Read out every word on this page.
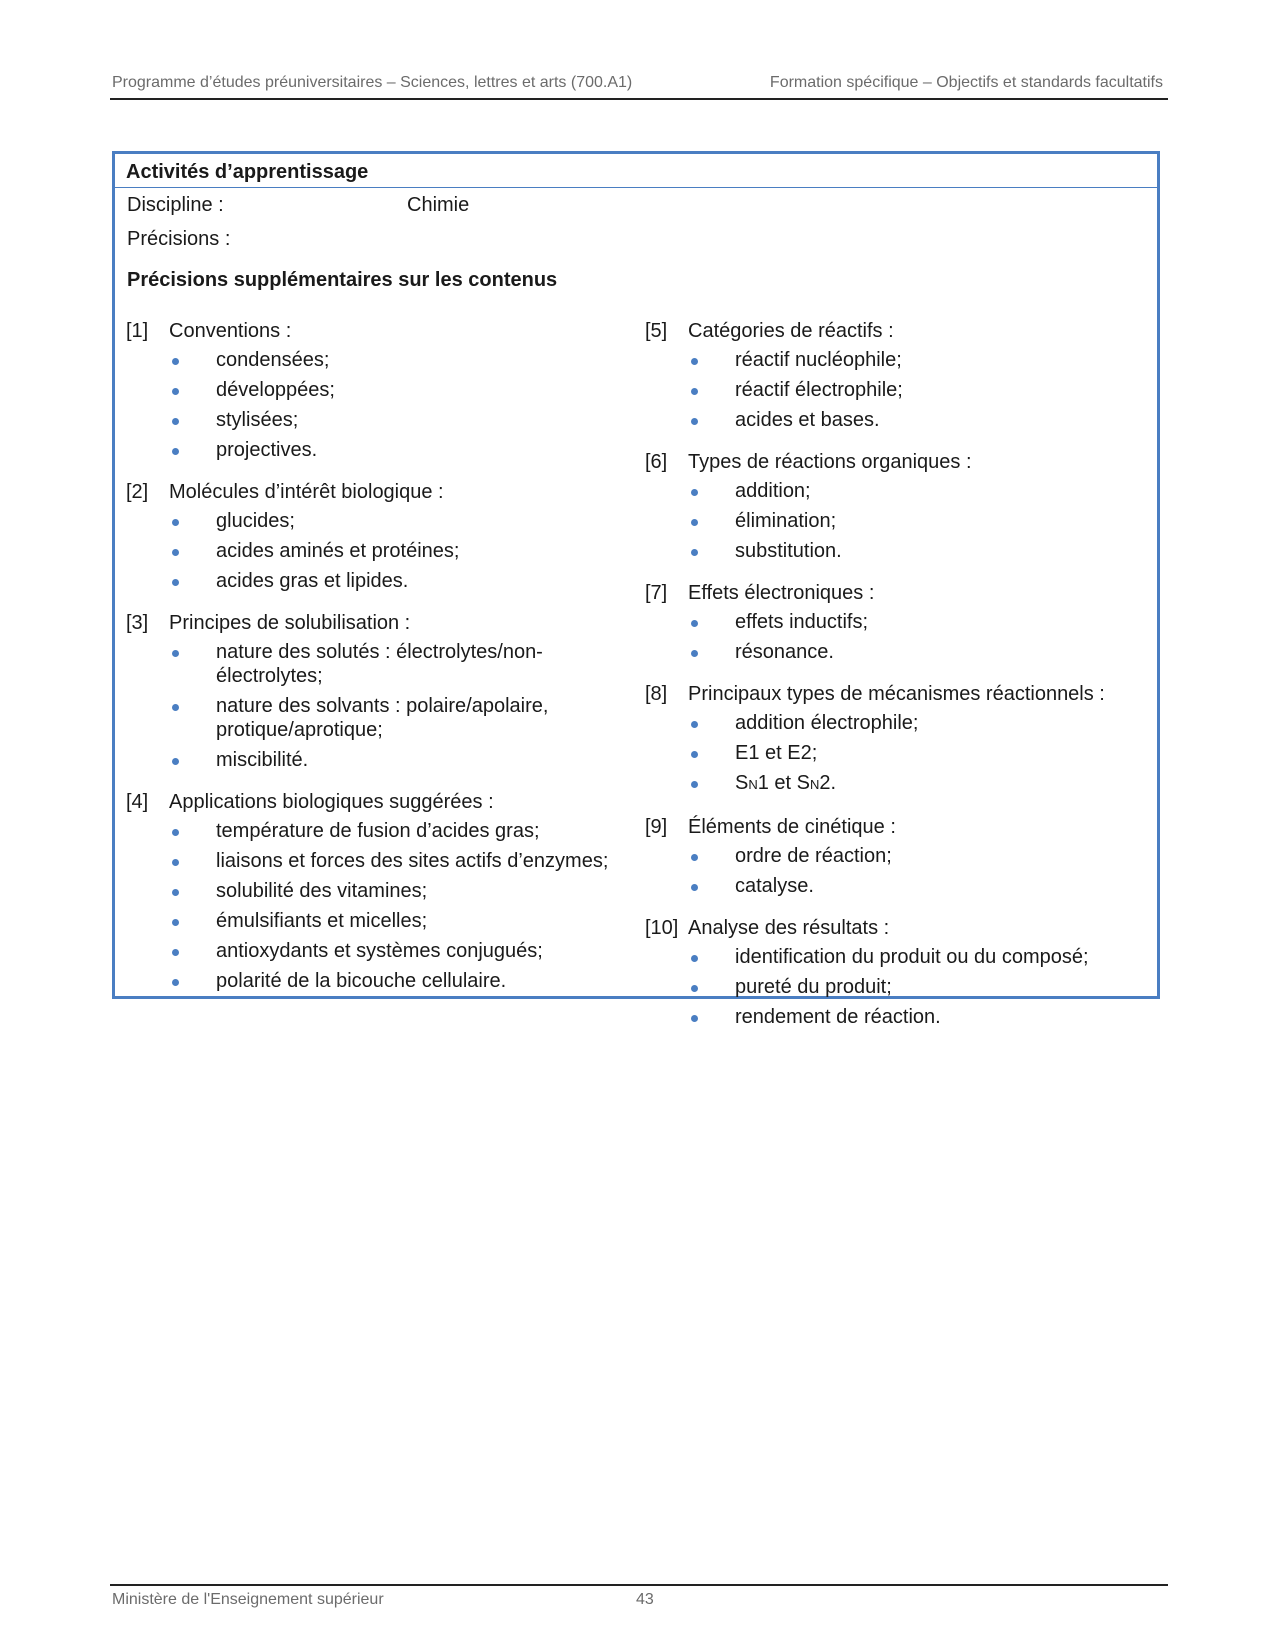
Programme d’études préuniversitaires – Sciences, lettres et arts (700.A1)	Formation spécifique – Objectifs et standards facultatifs
Activités d’apprentissage
Discipline :	Chimie
Précisions :
Précisions supplémentaires sur les contenus
[1] Conventions :
condensées;
développées;
stylisées;
projectives.
[2] Molécules d’intérêt biologique :
glucides;
acides aminés et protéines;
acides gras et lipides.
[3] Principes de solubilisation :
nature des solutés : électrolytes/non-électrolytes;
nature des solvants : polaire/apolaire, protique/aprotique;
miscibilité.
[4] Applications biologiques suggérées :
température de fusion d’acides gras;
liaisons et forces des sites actifs d’enzymes;
solubilité des vitamines;
émulsifiants et micelles;
antioxydants et systèmes conjugués;
polarité de la bicouche cellulaire.
[5] Catégories de réactifs :
réactif nucléophile;
réactif électrophile;
acides et bases.
[6] Types de réactions organiques :
addition;
élimination;
substitution.
[7] Effets électroniques :
effets inductifs;
résonance.
[8] Principaux types de mécanismes réactionnels :
addition électrophile;
E1 et E2;
SN1 et SN2.
[9] Éléments de cinétique :
ordre de réaction;
catalyse.
[10] Analyse des résultats :
identification du produit ou du composé;
pureté du produit;
rendement de réaction.
Ministère de l'Enseignement supérieur	43
